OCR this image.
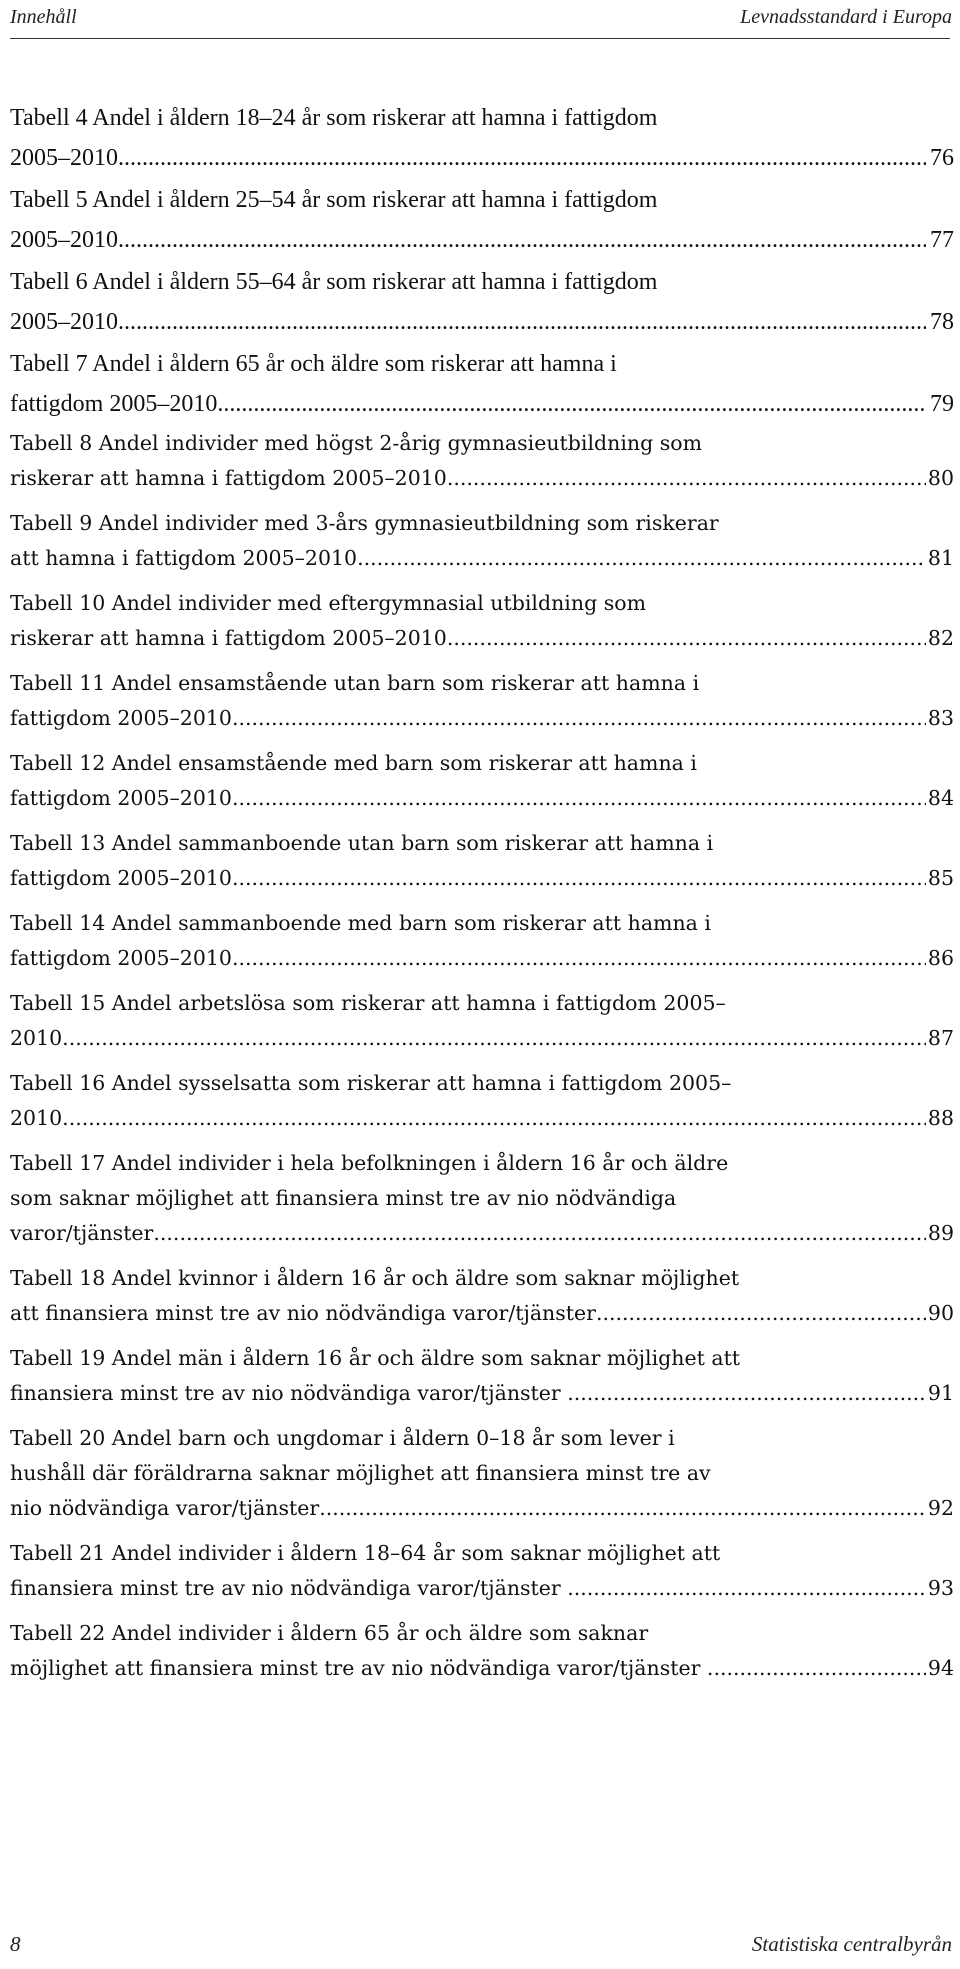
Innehåll	Levnadsstandard i Europa
Tabell 4 Andel i åldern 18–24 år som riskerar att hamna i fattigdom
2005–2010 .....	76
Tabell 5 Andel i åldern 25–54 år som riskerar att hamna i fattigdom
2005–2010 .....	77
Tabell 6 Andel i åldern 55–64 år som riskerar att hamna i fattigdom
2005–2010 .....	78
Tabell 7 Andel i åldern 65 år och äldre som riskerar att hamna i
fattigdom 2005–2010 .....	79
Tabell 8 Andel individer med högst 2-årig gymnasieutbildning som
riskerar att hamna i fattigdom 2005–2010 .....	80
Tabell 9 Andel individer med 3-års gymnasieutbildning som riskerar
att hamna i fattigdom 2005–2010 .....	81
Tabell 10 Andel individer med eftergymnasial utbildning som
riskerar att hamna i fattigdom 2005–2010 .....	82
Tabell 11 Andel ensamstående utan barn som riskerar att hamna i
fattigdom 2005–2010 .....	83
Tabell 12 Andel ensamstående med barn som riskerar att hamna i
fattigdom 2005–2010 .....	84
Tabell 13 Andel sammanboende utan barn som riskerar att hamna i
fattigdom 2005–2010 .....	85
Tabell 14 Andel sammanboende med barn som riskerar att hamna i
fattigdom 2005–2010 .....	86
Tabell 15 Andel arbetslösa som riskerar att hamna i fattigdom 2005–
2010 .....	87
Tabell 16 Andel sysselsatta som riskerar att hamna i fattigdom 2005–
2010 .....	88
Tabell 17 Andel individer i hela befolkningen i åldern 16 år och äldre
som saknar möjlighet att finansiera minst tre av nio nödvändiga
varor/tjänster .....	89
Tabell 18 Andel kvinnor i åldern 16 år och äldre som saknar möjlighet
att finansiera minst tre av nio nödvändiga varor/tjänster .....	90
Tabell 19 Andel män i åldern 16 år och äldre som saknar möjlighet att
finansiera minst tre av nio nödvändiga varor/tjänster .....	91
Tabell 20 Andel barn och ungdomar i åldern 0–18 år som lever i
hushåll där föräldrarna saknar möjlighet att finansiera minst tre av
nio nödvändiga varor/tjänster .....	92
Tabell 21 Andel individer i åldern 18–64 år som saknar möjlighet att
finansiera minst tre av nio nödvändiga varor/tjänster .....	93
Tabell 22 Andel individer i åldern 65 år och äldre som saknar
möjlighet att finansiera minst tre av nio nödvändiga varor/tjänster .....	94
8	Statistiska centralbyrån
